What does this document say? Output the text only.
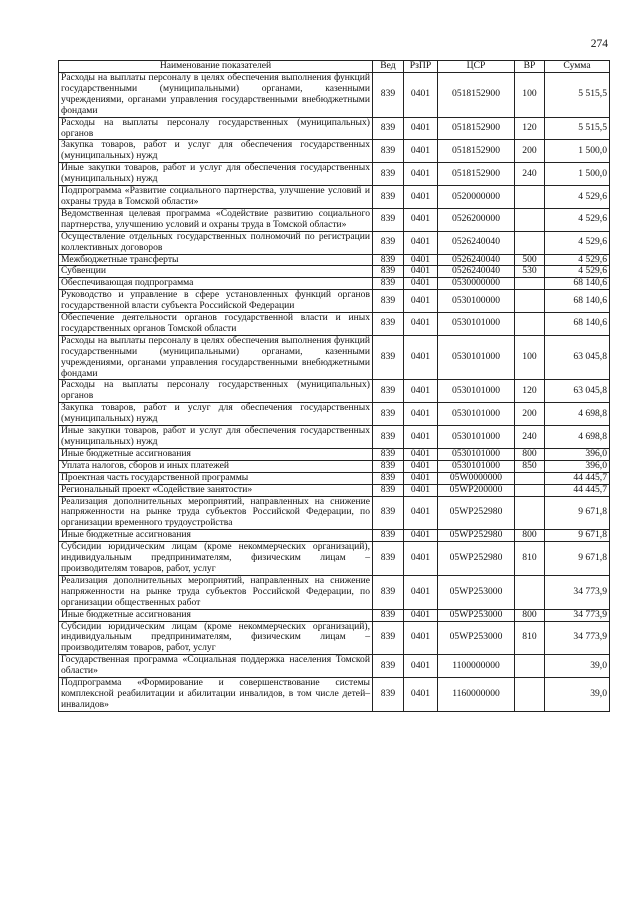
274
Наименование показателей	Вед	РзПР	ЦСР	ВР	Сумма
Расходы на выплаты персоналу в целях обеспечения выполнения функций государственными (муниципальными) органами, казенными учреждениями, органами управления государственными внебюджетными фондами	839	0401	0518152900	100	5 515,5
Расходы на выплаты персоналу государственных (муниципальных) органов	839	0401	0518152900	120	5 515,5
Закупка товаров, работ и услуг для обеспечения государственных (муниципальных) нужд	839	0401	0518152900	200	1 500,0
Иные закупки товаров, работ и услуг для обеспечения государственных (муниципальных) нужд	839	0401	0518152900	240	1 500,0
Подпрограмма «Развитие социального партнерства, улучшение условий и охраны труда в Томской области»	839	0401	0520000000		4 529,6
Ведомственная целевая программа «Содействие развитию социального партнерства, улучшению условий и охраны труда в Томской области»	839	0401	0526200000		4 529,6
Осуществление отдельных государственных полномочий по регистрации коллективных договоров	839	0401	0526240040		4 529,6
Межбюджетные трансферты	839	0401	0526240040	500	4 529,6
Субвенции	839	0401	0526240040	530	4 529,6
Обеспечивающая подпрограмма	839	0401	0530000000		68 140,6
Руководство и управление в сфере установленных функций органов государственной власти субъекта Российской Федерации	839	0401	0530100000		68 140,6
Обеспечение деятельности органов государственной власти и иных государственных органов Томской области	839	0401	0530101000		68 140,6
Расходы на выплаты персоналу в целях обеспечения выполнения функций государственными (муниципальными) органами, казенными учреждениями, органами управления государственными внебюджетными фондами	839	0401	0530101000	100	63 045,8
Расходы на выплаты персоналу государственных (муниципальных) органов	839	0401	0530101000	120	63 045,8
Закупка товаров, работ и услуг для обеспечения государственных (муниципальных) нужд	839	0401	0530101000	200	4 698,8
Иные закупки товаров, работ и услуг для обеспечения государственных (муниципальных) нужд	839	0401	0530101000	240	4 698,8
Иные бюджетные ассигнования	839	0401	0530101000	800	396,0
Уплата налогов, сборов и иных платежей	839	0401	0530101000	850	396,0
Проектная часть государственной программы	839	0401	05W0000000		44 445,7
Региональный проект «Содействие занятости»	839	0401	05WP200000		44 445,7
Реализация дополнительных мероприятий, направленных на снижение напряженности на рынке труда субъектов Российской Федерации, по организации временного трудоустройства	839	0401	05WP252980		9 671,8
Иные бюджетные ассигнования	839	0401	05WP252980	800	9 671,8
Субсидии юридическим лицам (кроме некоммерческих организаций), индивидуальным предпринимателям, физическим лицам – производителям товаров, работ, услуг	839	0401	05WP252980	810	9 671,8
Реализация дополнительных мероприятий, направленных на снижение напряженности на рынке труда субъектов Российской Федерации, по организации общественных работ	839	0401	05WP253000		34 773,9
Иные бюджетные ассигнования	839	0401	05WP253000	800	34 773,9
Субсидии юридическим лицам (кроме некоммерческих организаций), индивидуальным предпринимателям, физическим лицам – производителям товаров, работ, услуг	839	0401	05WP253000	810	34 773,9
Государственная программа «Социальная поддержка населения Томской области»	839	0401	1100000000		39,0
Подпрограмма «Формирование и совершенствование системы комплексной реабилитации и абилитации инвалидов, в том числе детей–инвалидов»	839	0401	1160000000		39,0
